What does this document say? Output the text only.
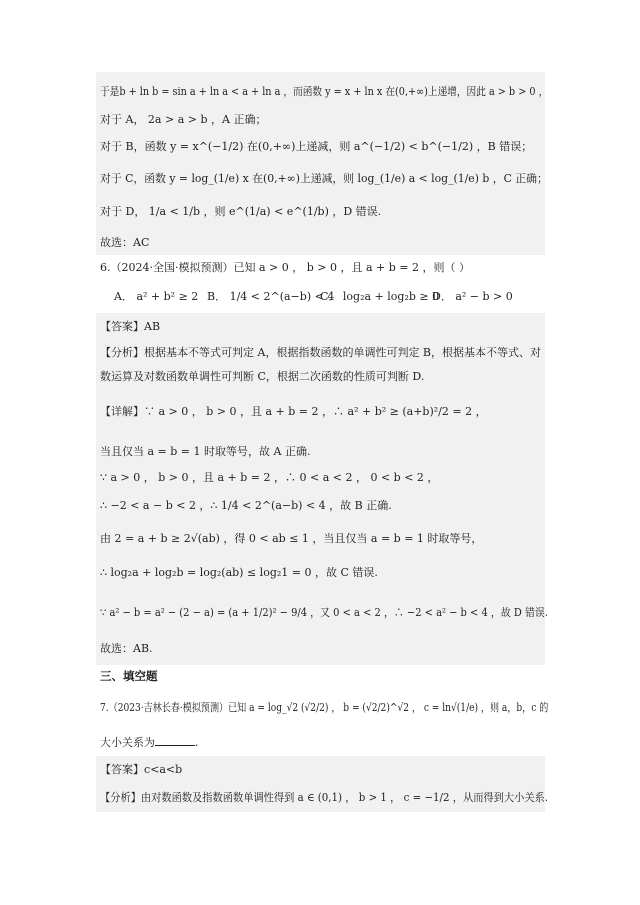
于是b + ln b = sin a + ln a < a + ln a ，而函数 y = x + ln x 在(0,+∞)上递增，因此 a > b > 0 ，
对于 A， 2a > a > b ，A 正确；
对于 B，函数 y = x^(−1/2) 在(0,+∞)上递减，则 a^(−1/2) < b^(−1/2) ，B 错误；
对于 C，函数 y = log_(1/e) x 在(0,+∞)上递减，则 log_(1/e) a < log_(1/e) b ，C 正确；
对于 D， 1/a < 1/b ，则 e^(1/a) < e^(1/b) ，D 错误.
故选：AC
6.（2024·全国·模拟预测）已知 a > 0 ， b > 0 ，且 a + b = 2 ，则（ ）
A． a² + b² ≥ 2 B． 1/4 < 2^(a−b) < 4
C． log₂a + log₂b ≥ 0
D． a² − b > 0
【答案】AB
【分析】根据基本不等式可判定 A，根据指数函数的单调性可判定 B，根据基本不等式、对
数运算及对数函数单调性可判断 C，根据二次函数的性质可判断 D.
【详解】∵ a > 0 ， b > 0 ，且 a + b = 2 ，∴ a² + b² ≥ (a+b)²/2 = 2 ，
当且仅当 a = b = 1 时取等号，故 A 正确.
∵ a > 0 ， b > 0 ，且 a + b = 2 ，∴ 0 < a < 2 ， 0 < b < 2 ，
∴ −2 < a − b < 2 ，∴ 1/4 < 2^(a−b) < 4 ，故 B 正确.
由 2 = a + b ≥ 2√(ab) ，得 0 < ab ≤ 1 ，当且仅当 a = b = 1 时取等号，
∴ log₂a + log₂b = log₂(ab) ≤ log₂1 = 0 ，故 C 错误.
∵ a² − b = a² − (2 − a) = (a + 1/2)² − 9/4 ，又 0 < a < 2 ，∴ −2 < a² − b < 4 ，故 D 错误.
故选：AB.
三、填空题
7.（2023·吉林长春·模拟预测）已知 a = log_√2 (√2/2) ， b = (√2/2)^√2 ， c = ln√(1/e) ，则 a，b，c 的
大小关系为	.
【答案】c<a<b
【分析】由对数函数及指数函数单调性得到 a ∈ (0,1) ， b > 1 ， c = −1/2 ，从而得到大小关系.
